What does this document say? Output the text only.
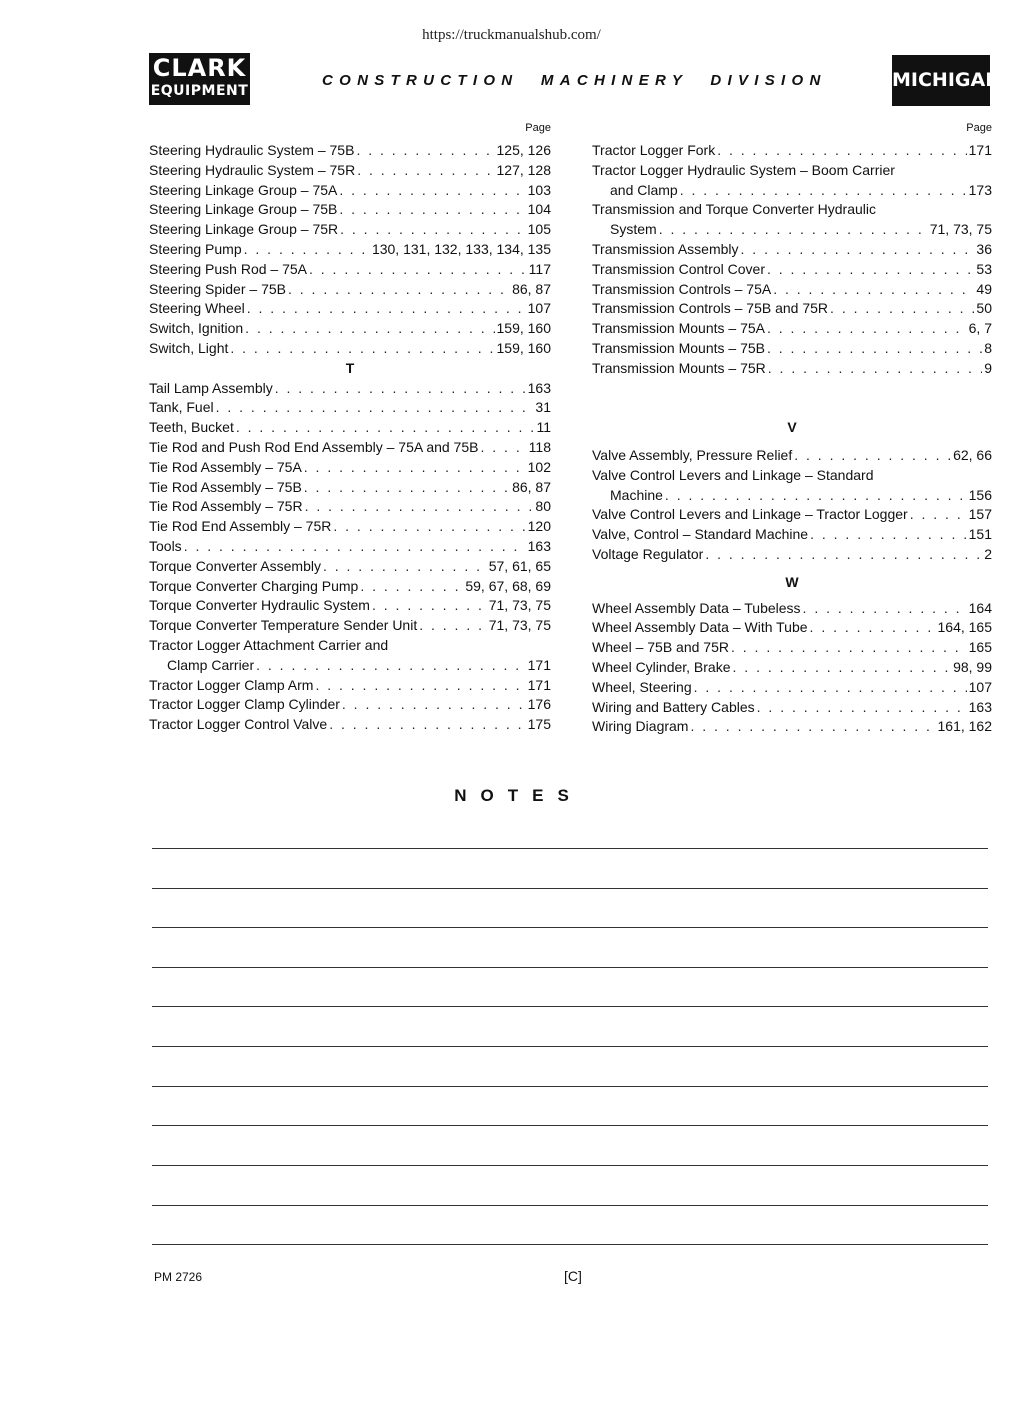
https://truckmanualshub.com/
CLARK
EQUIPMENT
CONSTRUCTION MACHINERY DIVISION	MICHIGAN
Page
Steering Hydraulic System – 75B . . .	125, 126
Steering Hydraulic System – 75R . . .	127, 128
Steering Linkage Group – 75A . . .	103
Steering Linkage Group – 75B . . .	104
Steering Linkage Group – 75R . . .	105
Steering Pump . . .	130, 131, 132, 133, 134, 135
Steering Push Rod – 75A . . .	117
Steering Spider – 75B . . .	86, 87
Steering Wheel . . .	107
Switch, Ignition . . .	159, 160
Switch, Light . . .	159, 160
T
Tail Lamp Assembly . . .	163
Tank, Fuel . . .	31
Teeth, Bucket . . .	11
Tie Rod and Push Rod End Assembly – 75A and 75B . . .	118
Tie Rod Assembly – 75A . . .	102
Tie Rod Assembly – 75B . . .	86, 87
Tie Rod Assembly – 75R . . .	80
Tie Rod End Assembly – 75R . . .	120
Tools . . .	163
Torque Converter Assembly . . .	57, 61, 65
Torque Converter Charging Pump . . .	59, 67, 68, 69
Torque Converter Hydraulic System . . .	71, 73, 75
Torque Converter Temperature Sender Unit . . .	71, 73, 75
Tractor Logger Attachment Carrier and
Clamp Carrier . . .	171
Tractor Logger Clamp Arm . . .	171
Tractor Logger Clamp Cylinder . . .	176
Tractor Logger Control Valve . . .	175
Page
Tractor Logger Fork . . .	171
Tractor Logger Hydraulic System – Boom Carrier
and Clamp . . .	173
Transmission and Torque Converter Hydraulic
System . . .	71, 73, 75
Transmission Assembly . . .	36
Transmission Control Cover . . .	53
Transmission Controls – 75A . . .	49
Transmission Controls – 75B and 75R . . .	50
Transmission Mounts – 75A . . .	6, 7
Transmission Mounts – 75B . . .	8
Transmission Mounts – 75R . . .	9
V
Valve Assembly, Pressure Relief . . .	62, 66
Valve Control Levers and Linkage – Standard
Machine . . .	156
Valve Control Levers and Linkage – Tractor Logger . . .	157
Valve, Control – Standard Machine . . .	151
Voltage Regulator . . .	2
W
Wheel Assembly Data – Tubeless . . .	164
Wheel Assembly Data – With Tube . . .	164, 165
Wheel – 75B and 75R . . .	165
Wheel Cylinder, Brake . . .	98, 99
Wheel, Steering . . .	107
Wiring and Battery Cables . . .	163
Wiring Diagram . . .	161, 162
NOTES
PM 2726	[C]
